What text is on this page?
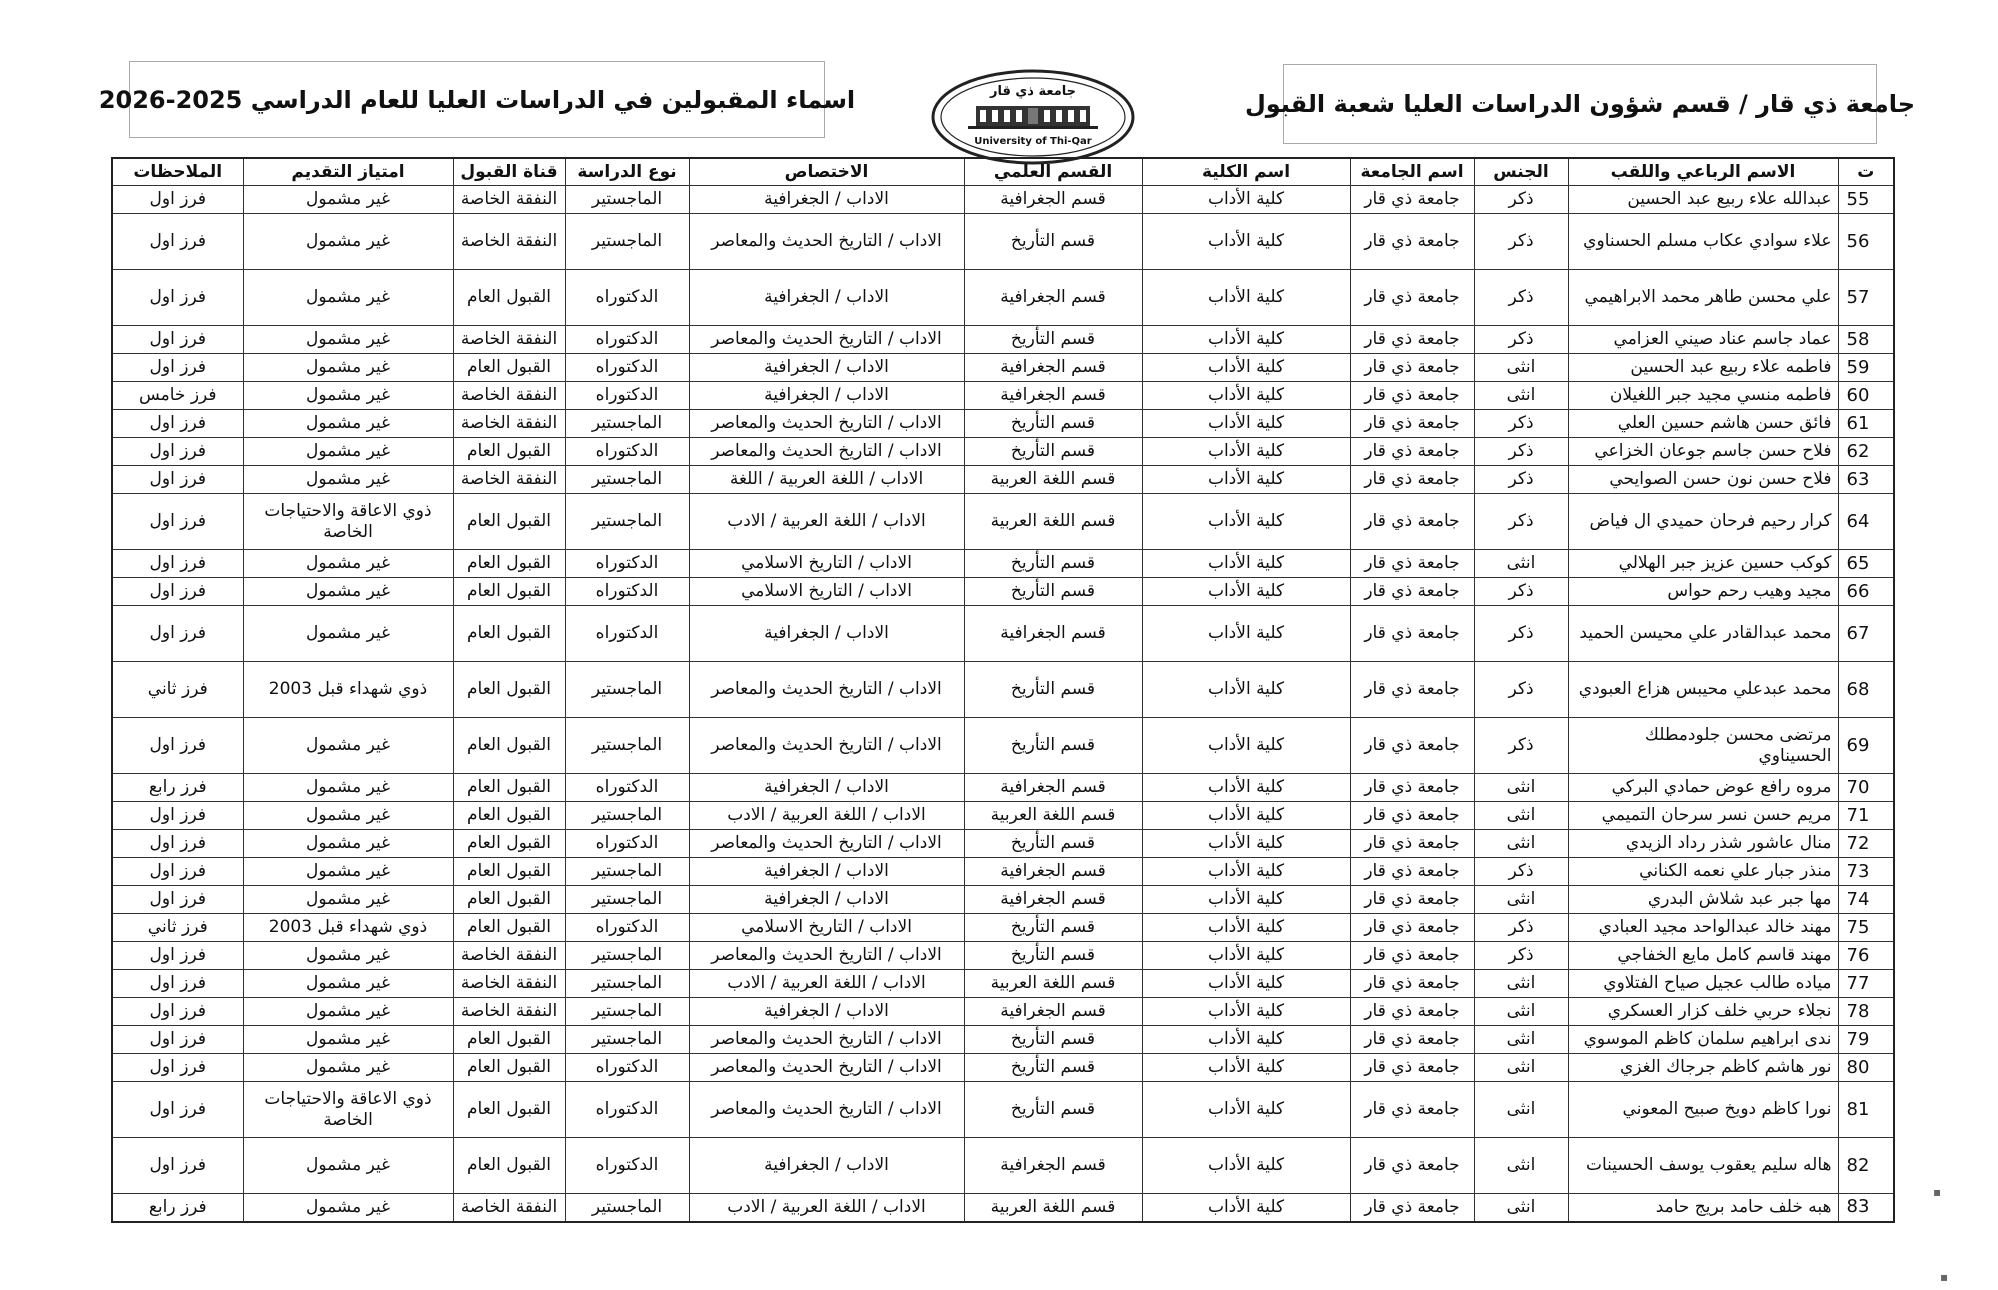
جامعة ذي قار / قسم شؤون الدراسات العليا شعبة القبول
اسماء المقبولين في الدراسات العليا للعام الدراسي 2025-2026	جامعة ذي قار
University of Thi-Qar
ت	الاسم الرباعي واللقب	الجنس	اسم الجامعة	اسم الكلية	القسم العلمي	الاختصاص	نوع الدراسة	قناة القبول	امتياز التقديم	الملاحظات
55	عبدالله علاء ربيع عبد الحسين	ذكر	جامعة ذي قار	كلية الأداب	قسم الجغرافية	الاداب / الجغرافية	الماجستير	النفقة الخاصة	غير مشمول	فرز اول
56	علاء سوادي عكاب مسلم الحسناوي	ذكر	جامعة ذي قار	كلية الأداب	قسم التأريخ	الاداب / التاريخ الحديث والمعاصر	الماجستير	النفقة الخاصة	غير مشمول	فرز اول
57	علي محسن طاهر محمد الابراهيمي	ذكر	جامعة ذي قار	كلية الأداب	قسم الجغرافية	الاداب / الجغرافية	الدكتوراه	القبول العام	غير مشمول	فرز اول
58	عماد جاسم عناد صيني العزامي	ذكر	جامعة ذي قار	كلية الأداب	قسم التأريخ	الاداب / التاريخ الحديث والمعاصر	الدكتوراه	النفقة الخاصة	غير مشمول	فرز اول
59	فاطمه علاء ربيع عبد الحسين	انثى	جامعة ذي قار	كلية الأداب	قسم الجغرافية	الاداب / الجغرافية	الدكتوراه	القبول العام	غير مشمول	فرز اول
60	فاطمه منسي مجيد جبر اللغيلان	انثى	جامعة ذي قار	كلية الأداب	قسم الجغرافية	الاداب / الجغرافية	الدكتوراه	النفقة الخاصة	غير مشمول	فرز خامس
61	فائق حسن هاشم حسين العلي	ذكر	جامعة ذي قار	كلية الأداب	قسم التأريخ	الاداب / التاريخ الحديث والمعاصر	الماجستير	النفقة الخاصة	غير مشمول	فرز اول
62	فلاح حسن جاسم جوعان الخزاعي	ذكر	جامعة ذي قار	كلية الأداب	قسم التأريخ	الاداب / التاريخ الحديث والمعاصر	الدكتوراه	القبول العام	غير مشمول	فرز اول
63	فلاح حسن نون حسن الصوايحي	ذكر	جامعة ذي قار	كلية الأداب	قسم اللغة العربية	الاداب / اللغة العربية / اللغة	الماجستير	النفقة الخاصة	غير مشمول	فرز اول
64	كرار رحيم فرحان حميدي ال فياض	ذكر	جامعة ذي قار	كلية الأداب	قسم اللغة العربية	الاداب / اللغة العربية / الادب	الماجستير	القبول العام	ذوي الاعاقة والاحتياجات الخاصة	فرز اول
65	كوكب حسين عزيز جبر الهلالي	انثى	جامعة ذي قار	كلية الأداب	قسم التأريخ	الاداب / التاريخ الاسلامي	الدكتوراه	القبول العام	غير مشمول	فرز اول
66	مجيد وهيب رحم حواس	ذكر	جامعة ذي قار	كلية الأداب	قسم التأريخ	الاداب / التاريخ الاسلامي	الدكتوراه	القبول العام	غير مشمول	فرز اول
67	محمد عبدالقادر علي محيسن الحميد	ذكر	جامعة ذي قار	كلية الأداب	قسم الجغرافية	الاداب / الجغرافية	الدكتوراه	القبول العام	غير مشمول	فرز اول
68	محمد عبدعلي محيبس هزاع العبودي	ذكر	جامعة ذي قار	كلية الأداب	قسم التأريخ	الاداب / التاريخ الحديث والمعاصر	الماجستير	القبول العام	ذوي شهداء قبل 2003	فرز ثاني
69	مرتضى محسن جلودمطلك الحسيناوي	ذكر	جامعة ذي قار	كلية الأداب	قسم التأريخ	الاداب / التاريخ الحديث والمعاصر	الماجستير	القبول العام	غير مشمول	فرز اول
70	مروه رافع عوض حمادي البركي	انثى	جامعة ذي قار	كلية الأداب	قسم الجغرافية	الاداب / الجغرافية	الدكتوراه	القبول العام	غير مشمول	فرز رابع
71	مريم حسن نسر سرحان التميمي	انثى	جامعة ذي قار	كلية الأداب	قسم اللغة العربية	الاداب / اللغة العربية / الادب	الماجستير	القبول العام	غير مشمول	فرز اول
72	منال عاشور شذر رداد الزيدي	انثى	جامعة ذي قار	كلية الأداب	قسم التأريخ	الاداب / التاريخ الحديث والمعاصر	الدكتوراه	القبول العام	غير مشمول	فرز اول
73	منذر جبار علي نعمه الكناني	ذكر	جامعة ذي قار	كلية الأداب	قسم الجغرافية	الاداب / الجغرافية	الماجستير	القبول العام	غير مشمول	فرز اول
74	مها جبر عبد شلاش البدري	انثى	جامعة ذي قار	كلية الأداب	قسم الجغرافية	الاداب / الجغرافية	الماجستير	القبول العام	غير مشمول	فرز اول
75	مهند خالد عبدالواحد مجيد العبادي	ذكر	جامعة ذي قار	كلية الأداب	قسم التأريخ	الاداب / التاريخ الاسلامي	الدكتوراه	القبول العام	ذوي شهداء قبل 2003	فرز ثاني
76	مهند قاسم كامل مايع الخفاجي	ذكر	جامعة ذي قار	كلية الأداب	قسم التأريخ	الاداب / التاريخ الحديث والمعاصر	الماجستير	النفقة الخاصة	غير مشمول	فرز اول
77	مياده طالب عجيل صياح الفتلاوي	انثى	جامعة ذي قار	كلية الأداب	قسم اللغة العربية	الاداب / اللغة العربية / الادب	الماجستير	النفقة الخاصة	غير مشمول	فرز اول
78	نجلاء حربي خلف كزار العسكري	انثى	جامعة ذي قار	كلية الأداب	قسم الجغرافية	الاداب / الجغرافية	الماجستير	النفقة الخاصة	غير مشمول	فرز اول
79	ندى ابراهيم سلمان كاظم الموسوي	انثى	جامعة ذي قار	كلية الأداب	قسم التأريخ	الاداب / التاريخ الحديث والمعاصر	الماجستير	القبول العام	غير مشمول	فرز اول
80	نور هاشم كاظم جرجاك الغزي	انثى	جامعة ذي قار	كلية الأداب	قسم التأريخ	الاداب / التاريخ الحديث والمعاصر	الدكتوراه	القبول العام	غير مشمول	فرز اول
81	نورا كاظم دويخ صبيح المعوني	انثى	جامعة ذي قار	كلية الأداب	قسم التأريخ	الاداب / التاريخ الحديث والمعاصر	الدكتوراه	القبول العام	ذوي الاعاقة والاحتياجات الخاصة	فرز اول
82	هاله سليم يعقوب يوسف الحسينات	انثى	جامعة ذي قار	كلية الأداب	قسم الجغرافية	الاداب / الجغرافية	الدكتوراه	القبول العام	غير مشمول	فرز اول
83	هبه خلف حامد بريج حامد	انثى	جامعة ذي قار	كلية الأداب	قسم اللغة العربية	الاداب / اللغة العربية / الادب	الماجستير	النفقة الخاصة	غير مشمول	فرز رابع
▪
▪
